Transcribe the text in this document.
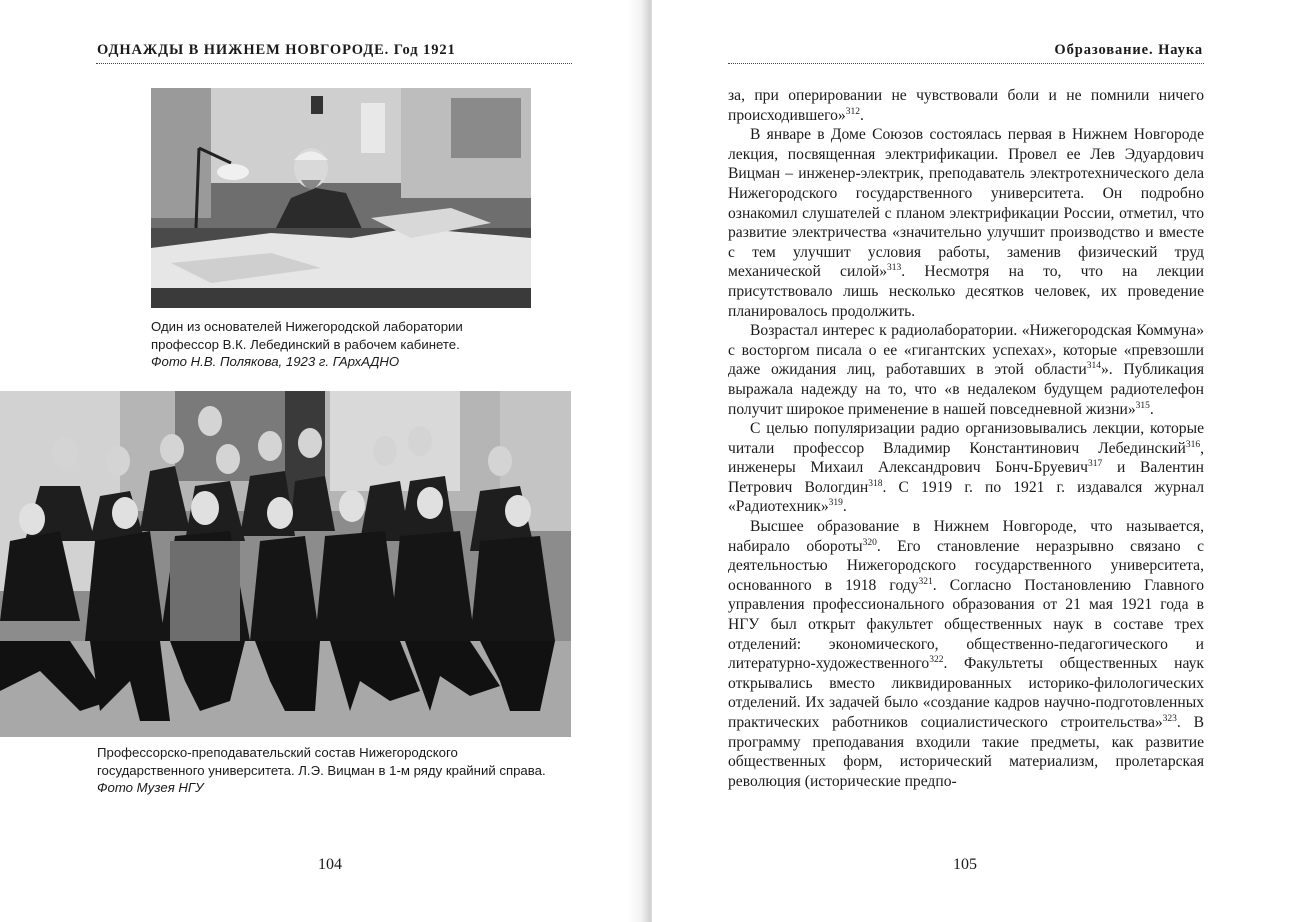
ОДНАЖДЫ В НИЖНЕМ НОВГОРОДЕ. Год 1921
Один из основателей Нижегородской лаборатории
профессор В.К. Лебединский в рабочем кабинете.
Фото Н.В. Полякова, 1923 г. ГАрхАДНО
Профессорско-преподавательский состав Нижегородского
государственного университета. Л.Э. Вицман в 1-м ряду крайний справа.
Фото Музея НГУ
104
Образование. Наука

за, при оперировании не чувствовали боли и не помнили ничего происходившего»$^{312}$.

В январе в Доме Союзов состоялась первая в Нижнем Новгороде лекция, посвященная электрификации. Провел ее Лев Эдуардович Вицман – инженер-электрик, преподаватель электротехнического дела Нижегородского государственного университета. Он подробно ознакомил слушателей с планом электрификации России, отметил, что развитие электричества «значительно улучшит производство и вместе с тем улучшит условия работы, заменив физический труд механической силой»$^{313}$. Несмотря на то, что на лекции присутствовало лишь несколько десятков человек, их проведение планировалось продолжить.

Возрастал интерес к радиолаборатории. «Нижегородская Коммуна» с восторгом писала о ее «гигантских успехах», которые «превзошли даже ожидания лиц, работавших в этой области$^{314}$». Публикация выражала надежду на то, что «в недалеком будущем радиотелефон получит широкое применение в нашей повседневной жизни»$^{315}$.

С целью популяризации радио организовывались лекции, которые читали профессор Владимир Константинович Лебединский$^{316}$, инженеры Михаил Александрович Бонч-Бруевич$^{317}$ и Валентин Петрович Вологдин$^{318}$. С 1919 г. по 1921 г. издавался журнал «Радиотехник»$^{319}$.

Высшее образование в Нижнем Новгороде, что называется, набирало обороты$^{320}$. Его становление неразрывно связано с деятельностью Нижегородского государственного университета, основанного в 1918 году$^{321}$. Согласно Постановлению Главного управления профессионального образования от 21 мая 1921 года в НГУ был открыт факультет общественных наук в составе трех отделений: экономического, общественно-педагогического и литературно-художественного$^{322}$. Факультеты общественных наук открывались вместо ликвидированных историко-филологических отделений. Их задачей было «создание кадров научно-подготовленных практических работников социалистического строительства»$^{323}$. В программу преподавания входили такие предметы, как развитие общественных форм, исторический материализм, пролетарская революция (исторические предпо-

105
